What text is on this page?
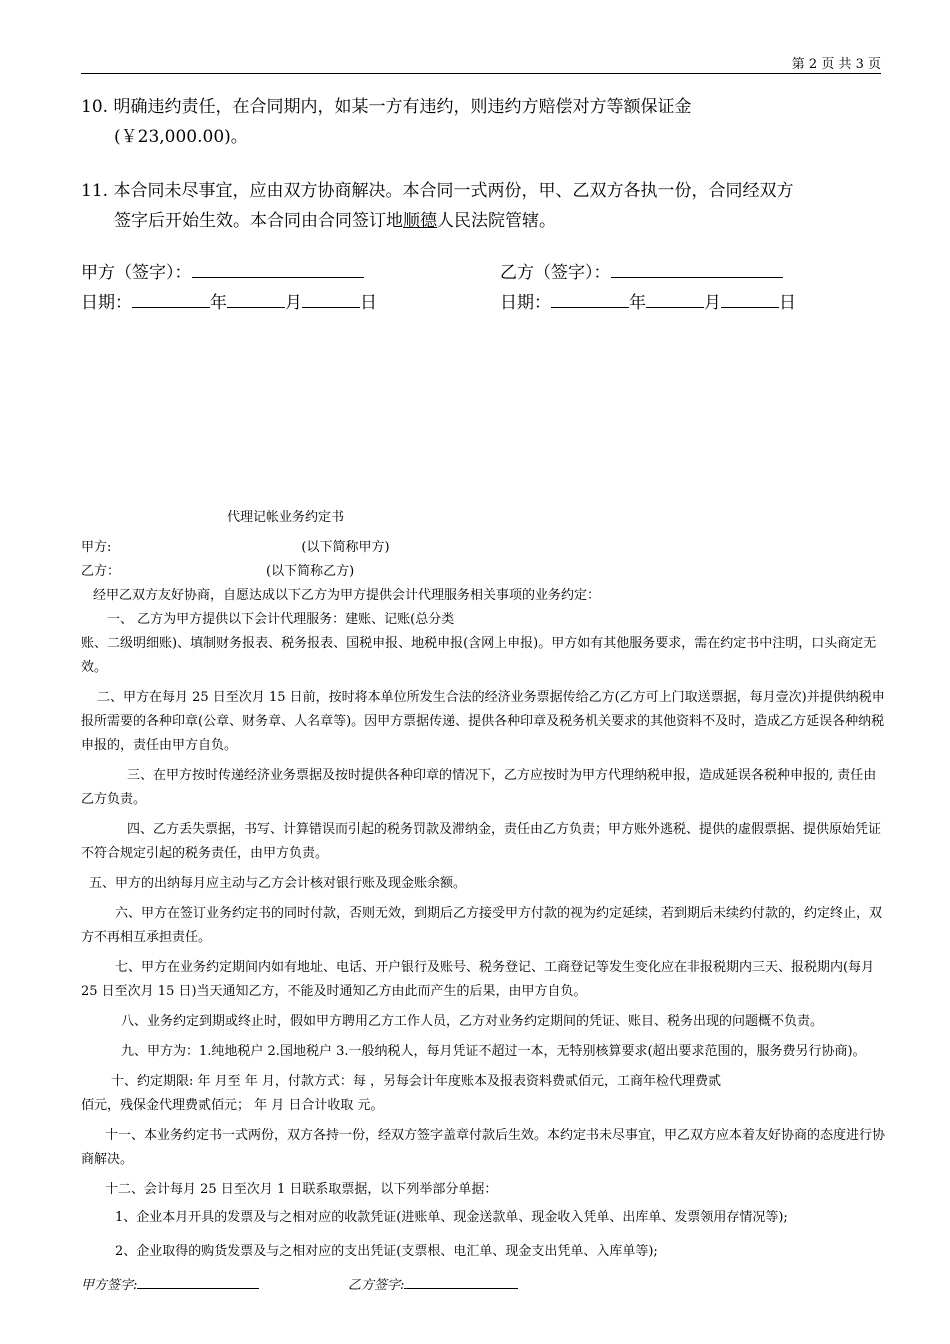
第 2 页 共 3 页
10. 明确违约责任，在合同期内，如某一方有违约，则违约方赔偿对方等额保证金
(￥23,000.00)。
11. 本合同未尽事宜，应由双方协商解决。本合同一式两份，甲、乙双方各执一份，合同经双方
签字后开始生效。本合同由合同签订地顺德人民法院管辖。
甲方（签字）：	乙方（签字）：
日期：	年	月	日	日期：	年	月	日
代理记帐业务约定书

甲方:	(以下简称甲方)

乙方：	(以下简称乙方)

经甲乙双方友好协商，自愿达成以下乙方为甲方提供会计代理服务相关事项的业务约定：

一、 乙方为甲方提供以下会计代理服务：建账、记账(总分类

账、二级明细账)、填制财务报表、税务报表、国税申报、地税申报(含网上申报)。甲方如有其他服务要求，需在约定书中注明，口头商定无效。

二、甲方在每月 25 日至次月 15 日前，按时将本单位所发生合法的经济业务票据传给乙方(乙方可上门取送票据，每月壹次)并提供纳税申报所需要的各种印章(公章、财务章、人名章等)。因甲方票据传递、提供各种印章及税务机关要求的其他资料不及时，造成乙方延误各种纳税申报的，责任由甲方自负。

三、在甲方按时传递经济业务票据及按时提供各种印章的情况下，乙方应按时为甲方代理纳税申报，造成延误各税种申报的, 责任由乙方负责。

四、乙方丢失票据，书写、计算错误而引起的税务罚款及滞纳金，责任由乙方负责；甲方账外逃税、提供的虚假票据、提供原始凭证不符合规定引起的税务责任，由甲方负责。

五、甲方的出纳每月应主动与乙方会计核对银行账及现金账余额。

六、甲方在签订业务约定书的同时付款，否则无效，到期后乙方接受甲方付款的视为约定延续，若到期后未续约付款的，约定终止，双方不再相互承担责任。

七、甲方在业务约定期间内如有地址、电话、开户银行及账号、税务登记、工商登记等发生变化应在非报税期内三天、报税期内(每月 25 日至次月 15 日)当天通知乙方，不能及时通知乙方由此而产生的后果，由甲方自负。

八、业务约定到期或终止时，假如甲方聘用乙方工作人员，乙方对业务约定期间的凭证、账目、税务出现的问题概不负责。

九、甲方为：1.纯地税户 2.国地税户 3.一般纳税人，每月凭证不超过一本，无特别核算要求(超出要求范围的，服务费另行协商)。

十、约定期限: 年 月至 年 月，付款方式：每 ，另每会计年度账本及报表资料费贰佰元，工商年检代理费贰

佰元，残保金代理费贰佰元； 年 月 日合计收取 元。

十一、本业务约定书一式两份，双方各持一份，经双方签字盖章付款后生效。本约定书未尽事宜，甲乙双方应本着友好协商的态度进行协商解决。

十二、会计每月 25 日至次月 1 日联系取票据，以下列举部分单据：

1、企业本月开具的发票及与之相对应的收款凭证(进账单、现金送款单、现金收入凭单、出库单、发票领用存情况等);

2、企业取得的购货发票及与之相对应的支出凭证(支票根、电汇单、现金支出凭单、入库单等);

甲方签字:	乙方签字:
